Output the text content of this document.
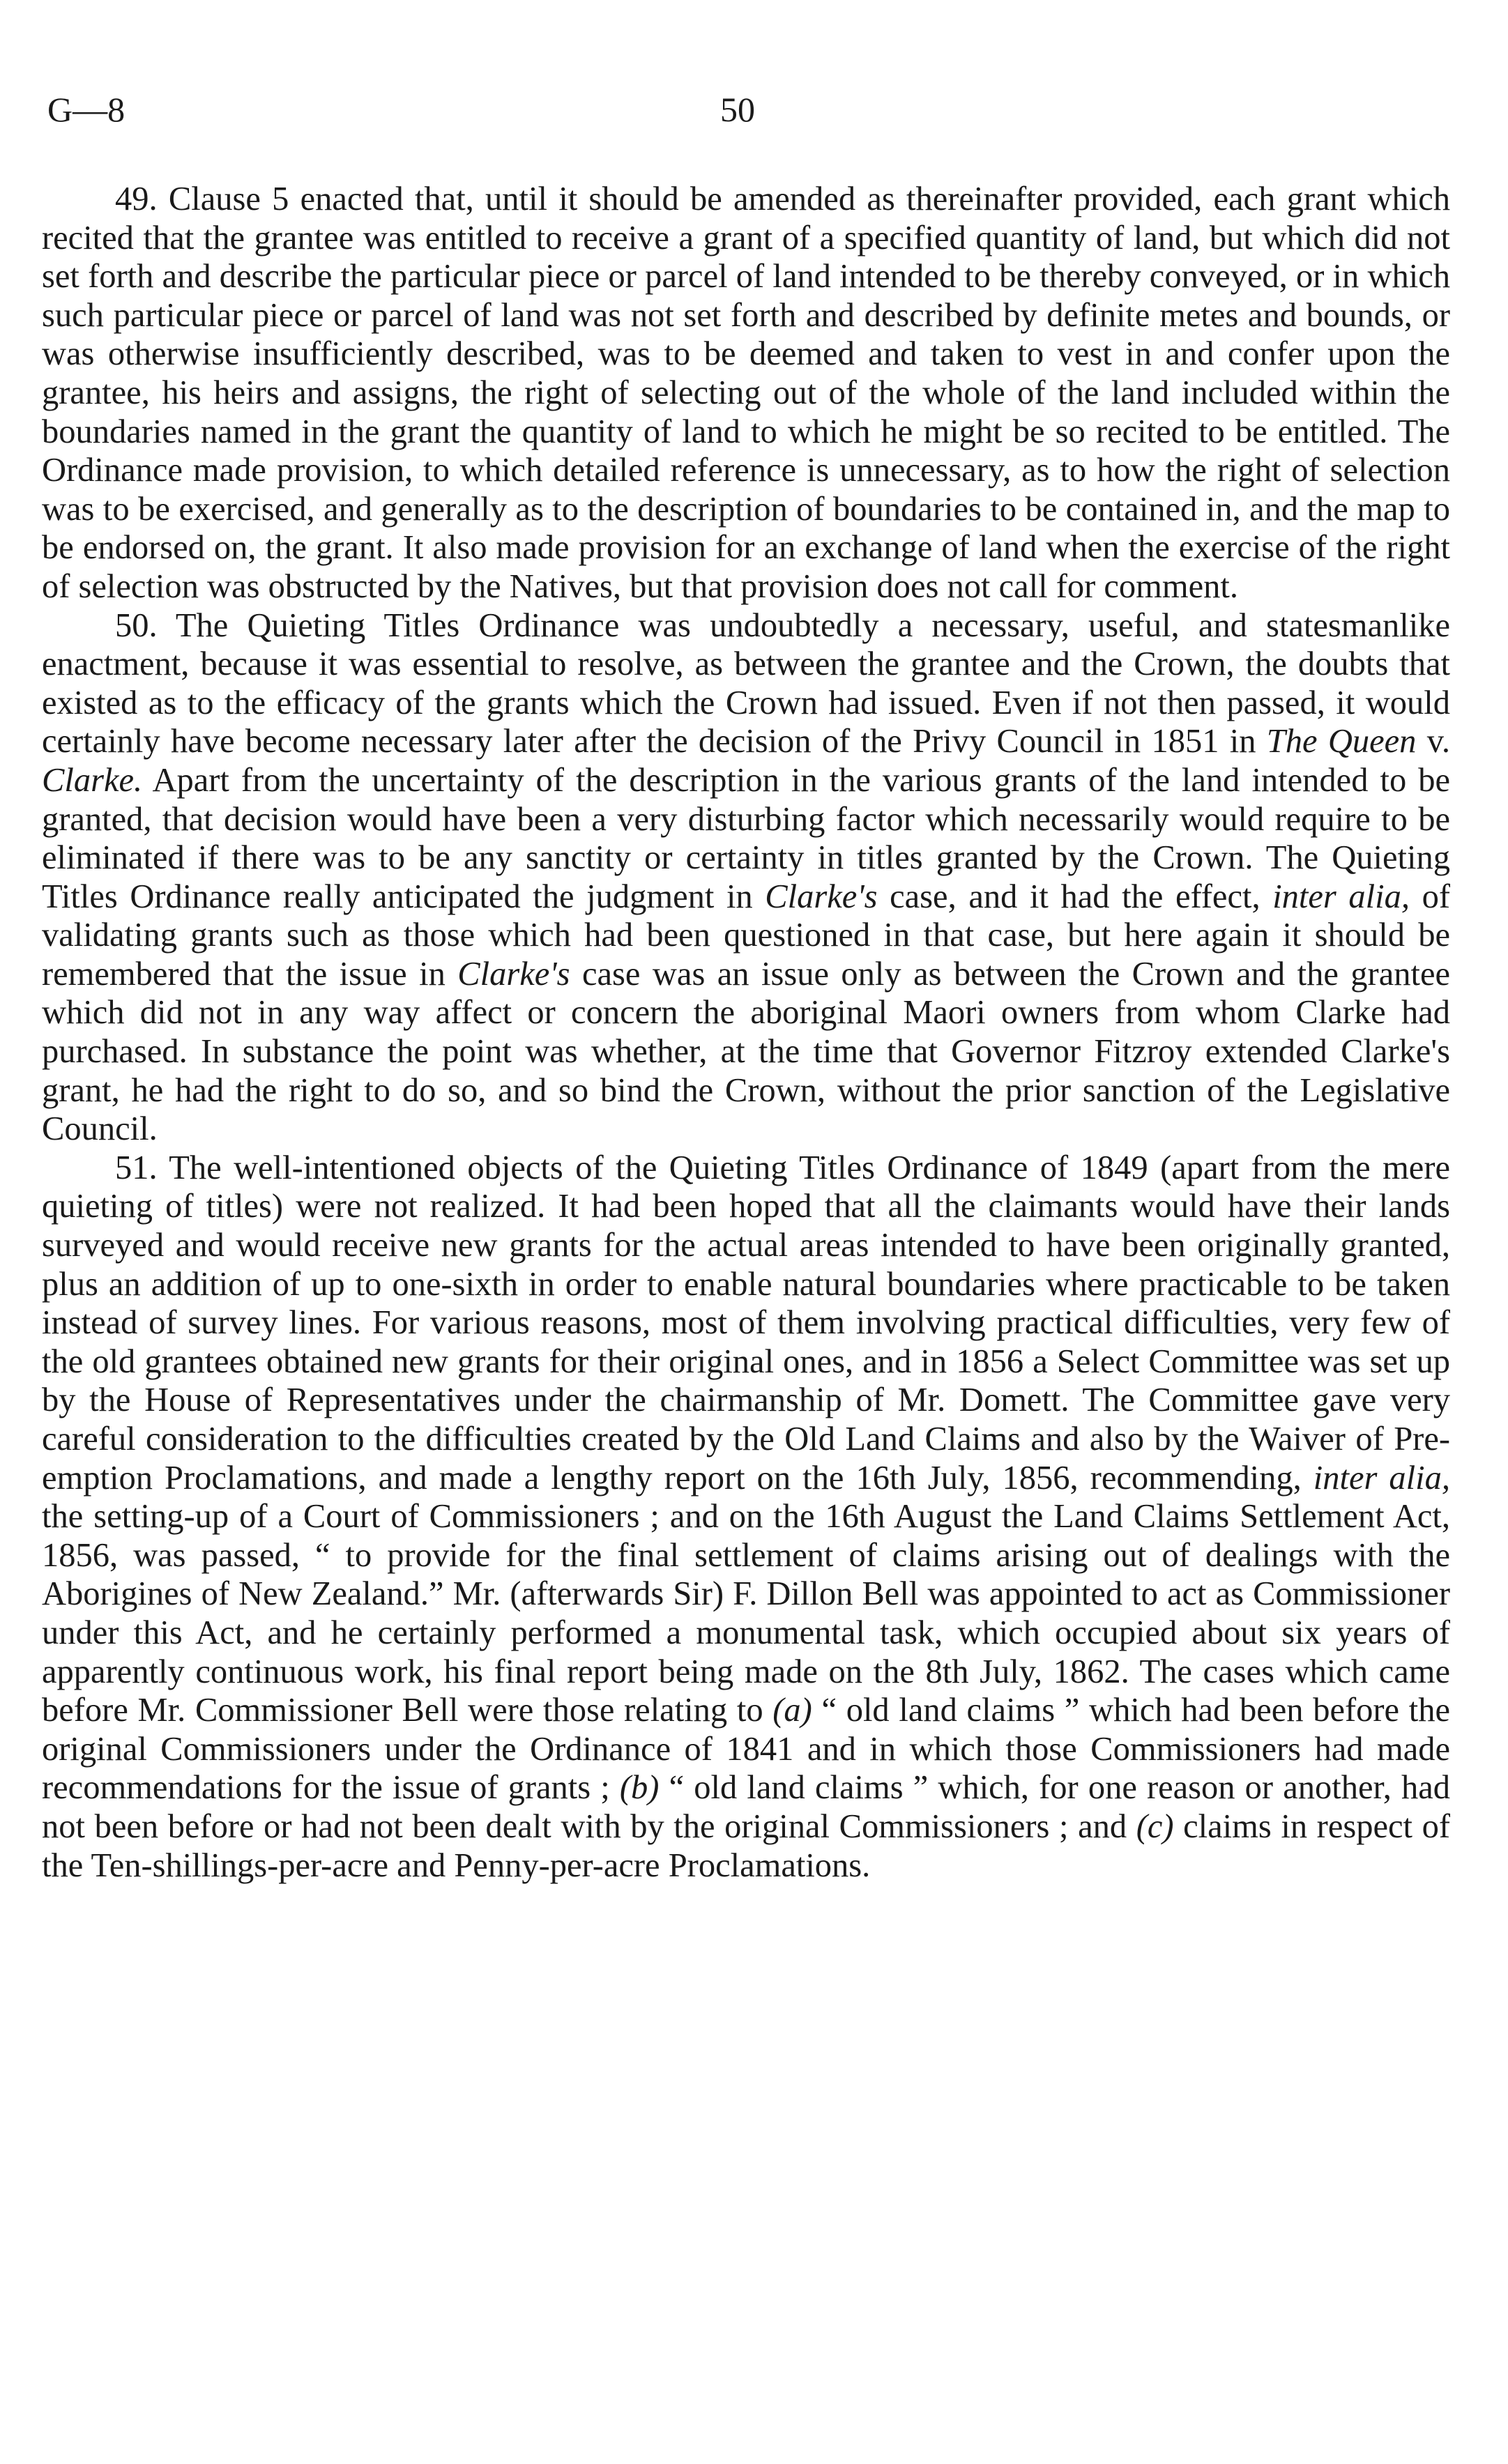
G—8	50

49. Clause 5 enacted that, until it should be amended as thereinafter provided, each grant which recited that the grantee was entitled to receive a grant of a specified quantity of land, but which did not set forth and describe the particular piece or parcel of land intended to be thereby conveyed, or in which such particular piece or parcel of land was not set forth and described by definite metes and bounds, or was otherwise insufficiently described, was to be deemed and taken to vest in and confer upon the grantee, his heirs and assigns, the right of selecting out of the whole of the land included within the boundaries named in the grant the quantity of land to which he might be so recited to be entitled. The Ordinance made provision, to which detailed reference is unnecessary, as to how the right of selection was to be exercised, and generally as to the description of boundaries to be contained in, and the map to be endorsed on, the grant. It also made provision for an exchange of land when the exercise of the right of selection was obstructed by the Natives, but that provision does not call for comment.

50. The Quieting Titles Ordinance was undoubtedly a necessary, useful, and statesmanlike enactment, because it was essential to resolve, as between the grantee and the Crown, the doubts that existed as to the efficacy of the grants which the Crown had issued. Even if not then passed, it would certainly have become necessary later after the decision of the Privy Council in 1851 in The Queen v. Clarke. Apart from the uncertainty of the description in the various grants of the land intended to be granted, that decision would have been a very disturbing factor which necessarily would require to be eliminated if there was to be any sanctity or certainty in titles granted by the Crown. The Quieting Titles Ordinance really anticipated the judgment in Clarke's case, and it had the effect, inter alia, of validating grants such as those which had been questioned in that case, but here again it should be remembered that the issue in Clarke's case was an issue only as between the Crown and the grantee which did not in any way affect or concern the aboriginal Maori owners from whom Clarke had purchased. In substance the point was whether, at the time that Governor Fitzroy extended Clarke's grant, he had the right to do so, and so bind the Crown, without the prior sanction of the Legislative Council.

51. The well-intentioned objects of the Quieting Titles Ordinance of 1849 (apart from the mere quieting of titles) were not realized. It had been hoped that all the claimants would have their lands surveyed and would receive new grants for the actual areas intended to have been originally granted, plus an addition of up to one-sixth in order to enable natural boundaries where practicable to be taken instead of survey lines. For various reasons, most of them involving practical difficulties, very few of the old grantees obtained new grants for their original ones, and in 1856 a Select Committee was set up by the House of Representatives under the chairmanship of Mr. Domett. The Committee gave very careful consideration to the difficulties created by the Old Land Claims and also by the Waiver of Pre-emption Proclamations, and made a lengthy report on the 16th July, 1856, recommending, inter alia, the setting-up of a Court of Commissioners ; and on the 16th August the Land Claims Settlement Act, 1856, was passed, “ to provide for the final settlement of claims arising out of dealings with the Aborigines of New Zealand.” Mr. (afterwards Sir) F. Dillon Bell was appointed to act as Commissioner under this Act, and he certainly performed a monumental task, which occupied about six years of apparently continuous work, his final report being made on the 8th July, 1862. The cases which came before Mr. Commissioner Bell were those relating to (a) “ old land claims ” which had been before the original Commissioners under the Ordinance of 1841 and in which those Commissioners had made recommendations for the issue of grants ; (b) “ old land claims ” which, for one reason or another, had not been before or had not been dealt with by the original Commissioners ; and (c) claims in respect of the Ten-shillings-per-acre and Penny-per-acre Proclamations.
